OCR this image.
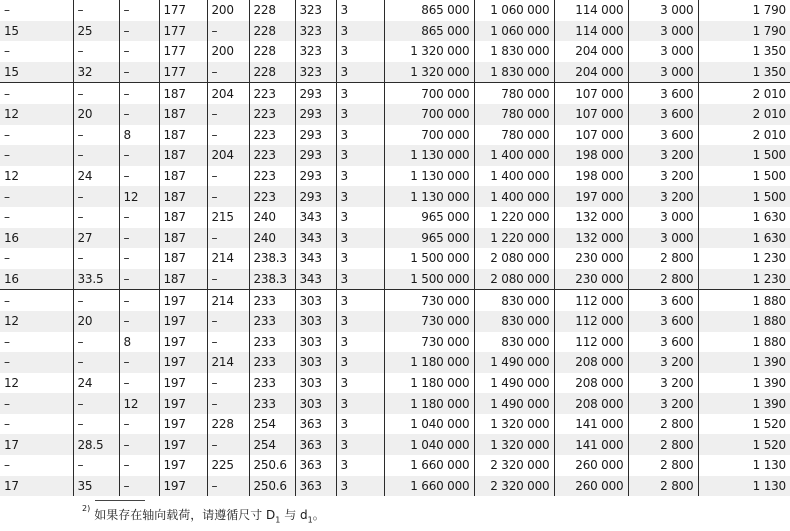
–	–	–	177	200	228	323	3	865 000	1 060 000	114 000	3 000	1 790
15	25	–	177	–	228	323	3	865 000	1 060 000	114 000	3 000	1 790
–	–	–	177	200	228	323	3	1 320 000	1 830 000	204 000	3 000	1 350
15	32	–	177	–	228	323	3	1 320 000	1 830 000	204 000	3 000	1 350
–	–	–	187	204	223	293	3	700 000	780 000	107 000	3 600	2 010
12	20	–	187	–	223	293	3	700 000	780 000	107 000	3 600	2 010
–	–	8	187	–	223	293	3	700 000	780 000	107 000	3 600	2 010
–	–	–	187	204	223	293	3	1 130 000	1 400 000	198 000	3 200	1 500
12	24	–	187	–	223	293	3	1 130 000	1 400 000	198 000	3 200	1 500
–	–	12	187	–	223	293	3	1 130 000	1 400 000	197 000	3 200	1 500
–	–	–	187	215	240	343	3	965 000	1 220 000	132 000	3 000	1 630
16	27	–	187	–	240	343	3	965 000	1 220 000	132 000	3 000	1 630
–	–	–	187	214	238.3	343	3	1 500 000	2 080 000	230 000	2 800	1 230
16	33.5	–	187	–	238.3	343	3	1 500 000	2 080 000	230 000	2 800	1 230
–	–	–	197	214	233	303	3	730 000	830 000	112 000	3 600	1 880
12	20	–	197	–	233	303	3	730 000	830 000	112 000	3 600	1 880
–	–	8	197	–	233	303	3	730 000	830 000	112 000	3 600	1 880
–	–	–	197	214	233	303	3	1 180 000	1 490 000	208 000	3 200	1 390
12	24	–	197	–	233	303	3	1 180 000	1 490 000	208 000	3 200	1 390
–	–	12	197	–	233	303	3	1 180 000	1 490 000	208 000	3 200	1 390
–	–	–	197	228	254	363	3	1 040 000	1 320 000	141 000	2 800	1 520
17	28.5	–	197	–	254	363	3	1 040 000	1 320 000	141 000	2 800	1 520
–	–	–	197	225	250.6	363	3	1 660 000	2 320 000	260 000	2 800	1 130
17	35	–	197	–	250.6	363	3	1 660 000	2 320 000	260 000	2 800	1 130
$^{2)}$ 如果存在轴向载荷，请遵循尺寸 $D_1$ 与 $d_1$。
